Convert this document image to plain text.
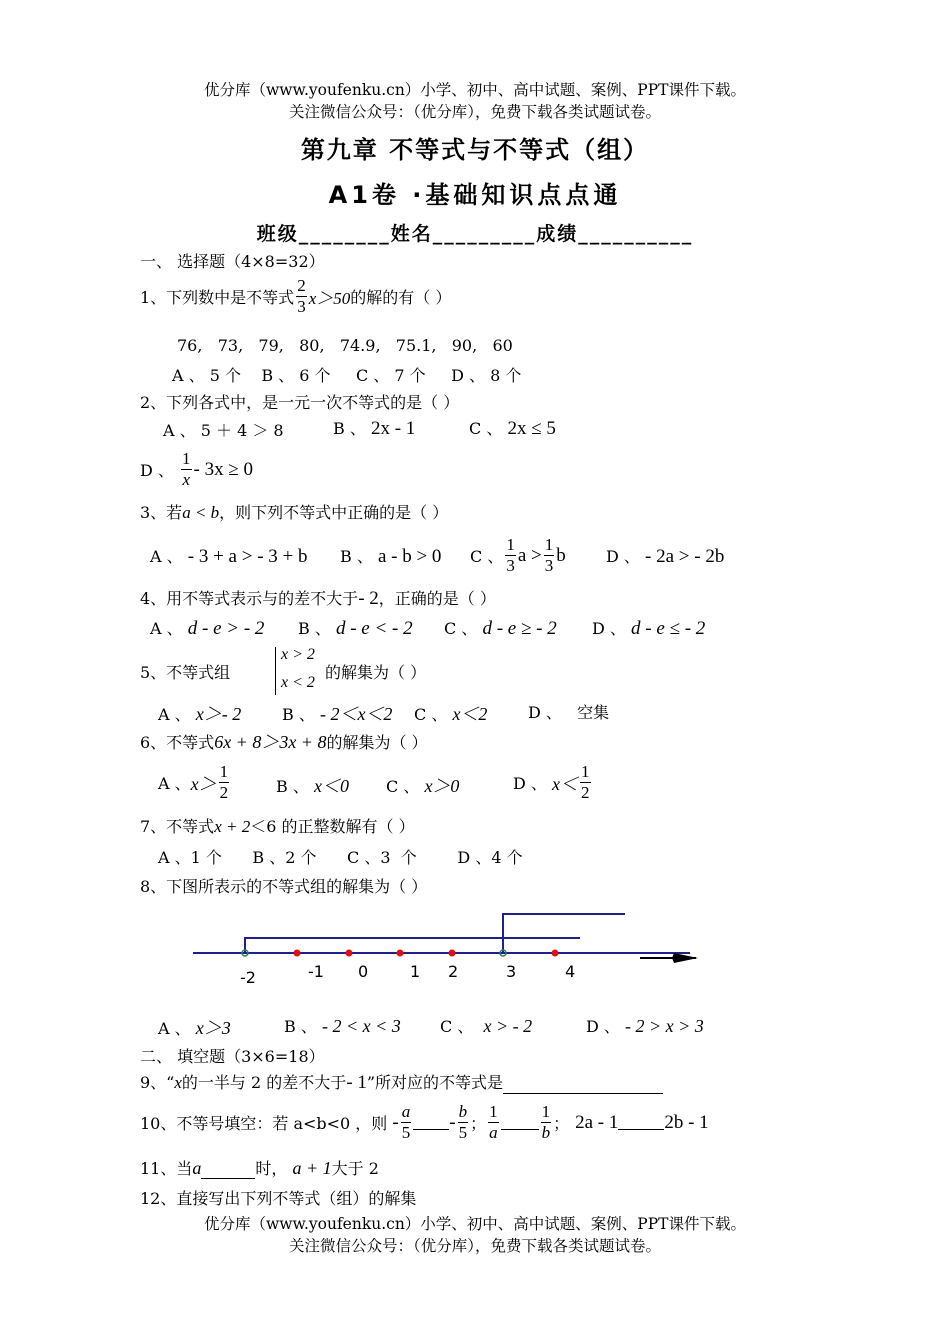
优分库（www.youfenku.cn）小学、初中、高中试题、案例、PPT课件下载。
关注微信公众号：（优分库），免费下载各类试题试卷。
第九章 不等式与不等式（组）
A1卷 ·基础知识点点通
班级________姓名_________成绩__________
一、 选择题（4×8=32）
1、下列数中是不等式 $\frac{2}{3} x>50$ 的解的有（ ）
76,   73,   79,   80,   74.9,   75.1,   90,   60
A 、 5 个    B 、 6 个     C 、 7 个     D 、 8 个
2、下列各式中，是一元一次不等式的是（ ）
A 、 5 ＋ 4 ＞ 8	B 、 2x - 1	C 、 2x ≤ 5
D 、
$\frac{1}{x} - 3x \ge 0$
3、若a < b，则下列不等式中正确的是（ ）
A 、 - 3 + a > - 3 + b B 、 a - b > 0 C 、 $\frac{1}{3}$ $a > \frac{1}{3}$ b	D 、 - 2a > - 2b
4、用不等式表示与的差不大于- 2，正确的是（ ）
A 、 d - e > - 2 B 、 d - e < - 2 C 、 d - e ≥ - 2 D 、 d - e ≤ - 2
5、不等式组
x > 2
x < 2
的解集为（ ）
A 、 x＞- 2	B 、 - 2＜x＜2 C 、 x＜2	D 、   空集
6、不等式6x + 8＞3x + 8的解集为（ ）
A 、 $x> \frac{1}{2}$	B 、 x＜0 C 、 x＞0	D 、
$x< \frac{1}{2}$
7、不等式x + 2＜6 的正整数解有（ ）
A 、1 个      B 、2 个      C 、3  个        D 、4 个
8、下图所表示的不等式组的解集为（ ）
-2	-1 0	1 2	3	4
A 、 x＞3	B 、 - 2 < x < 3 C 、 x > - 2	D 、 - 2 > x > 3
二、 填空题（3×6=18）
9、“x的一半与 2 的差不大于- 1”所对应的不等式是
10、不等号填空：若 a<b<0 ，则
- $\frac{a}{5} - \frac{b}{5}$ ； $\frac{1}{a} \frac{1}{b}$ ； 2a - 1 2b - 1
11、当a	时， a + 1大于 2
12、直接写出下列不等式（组）的解集
优分库（www.youfenku.cn）小学、初中、高中试题、案例、PPT课件下载。
关注微信公众号：（优分库），免费下载各类试题试卷。
